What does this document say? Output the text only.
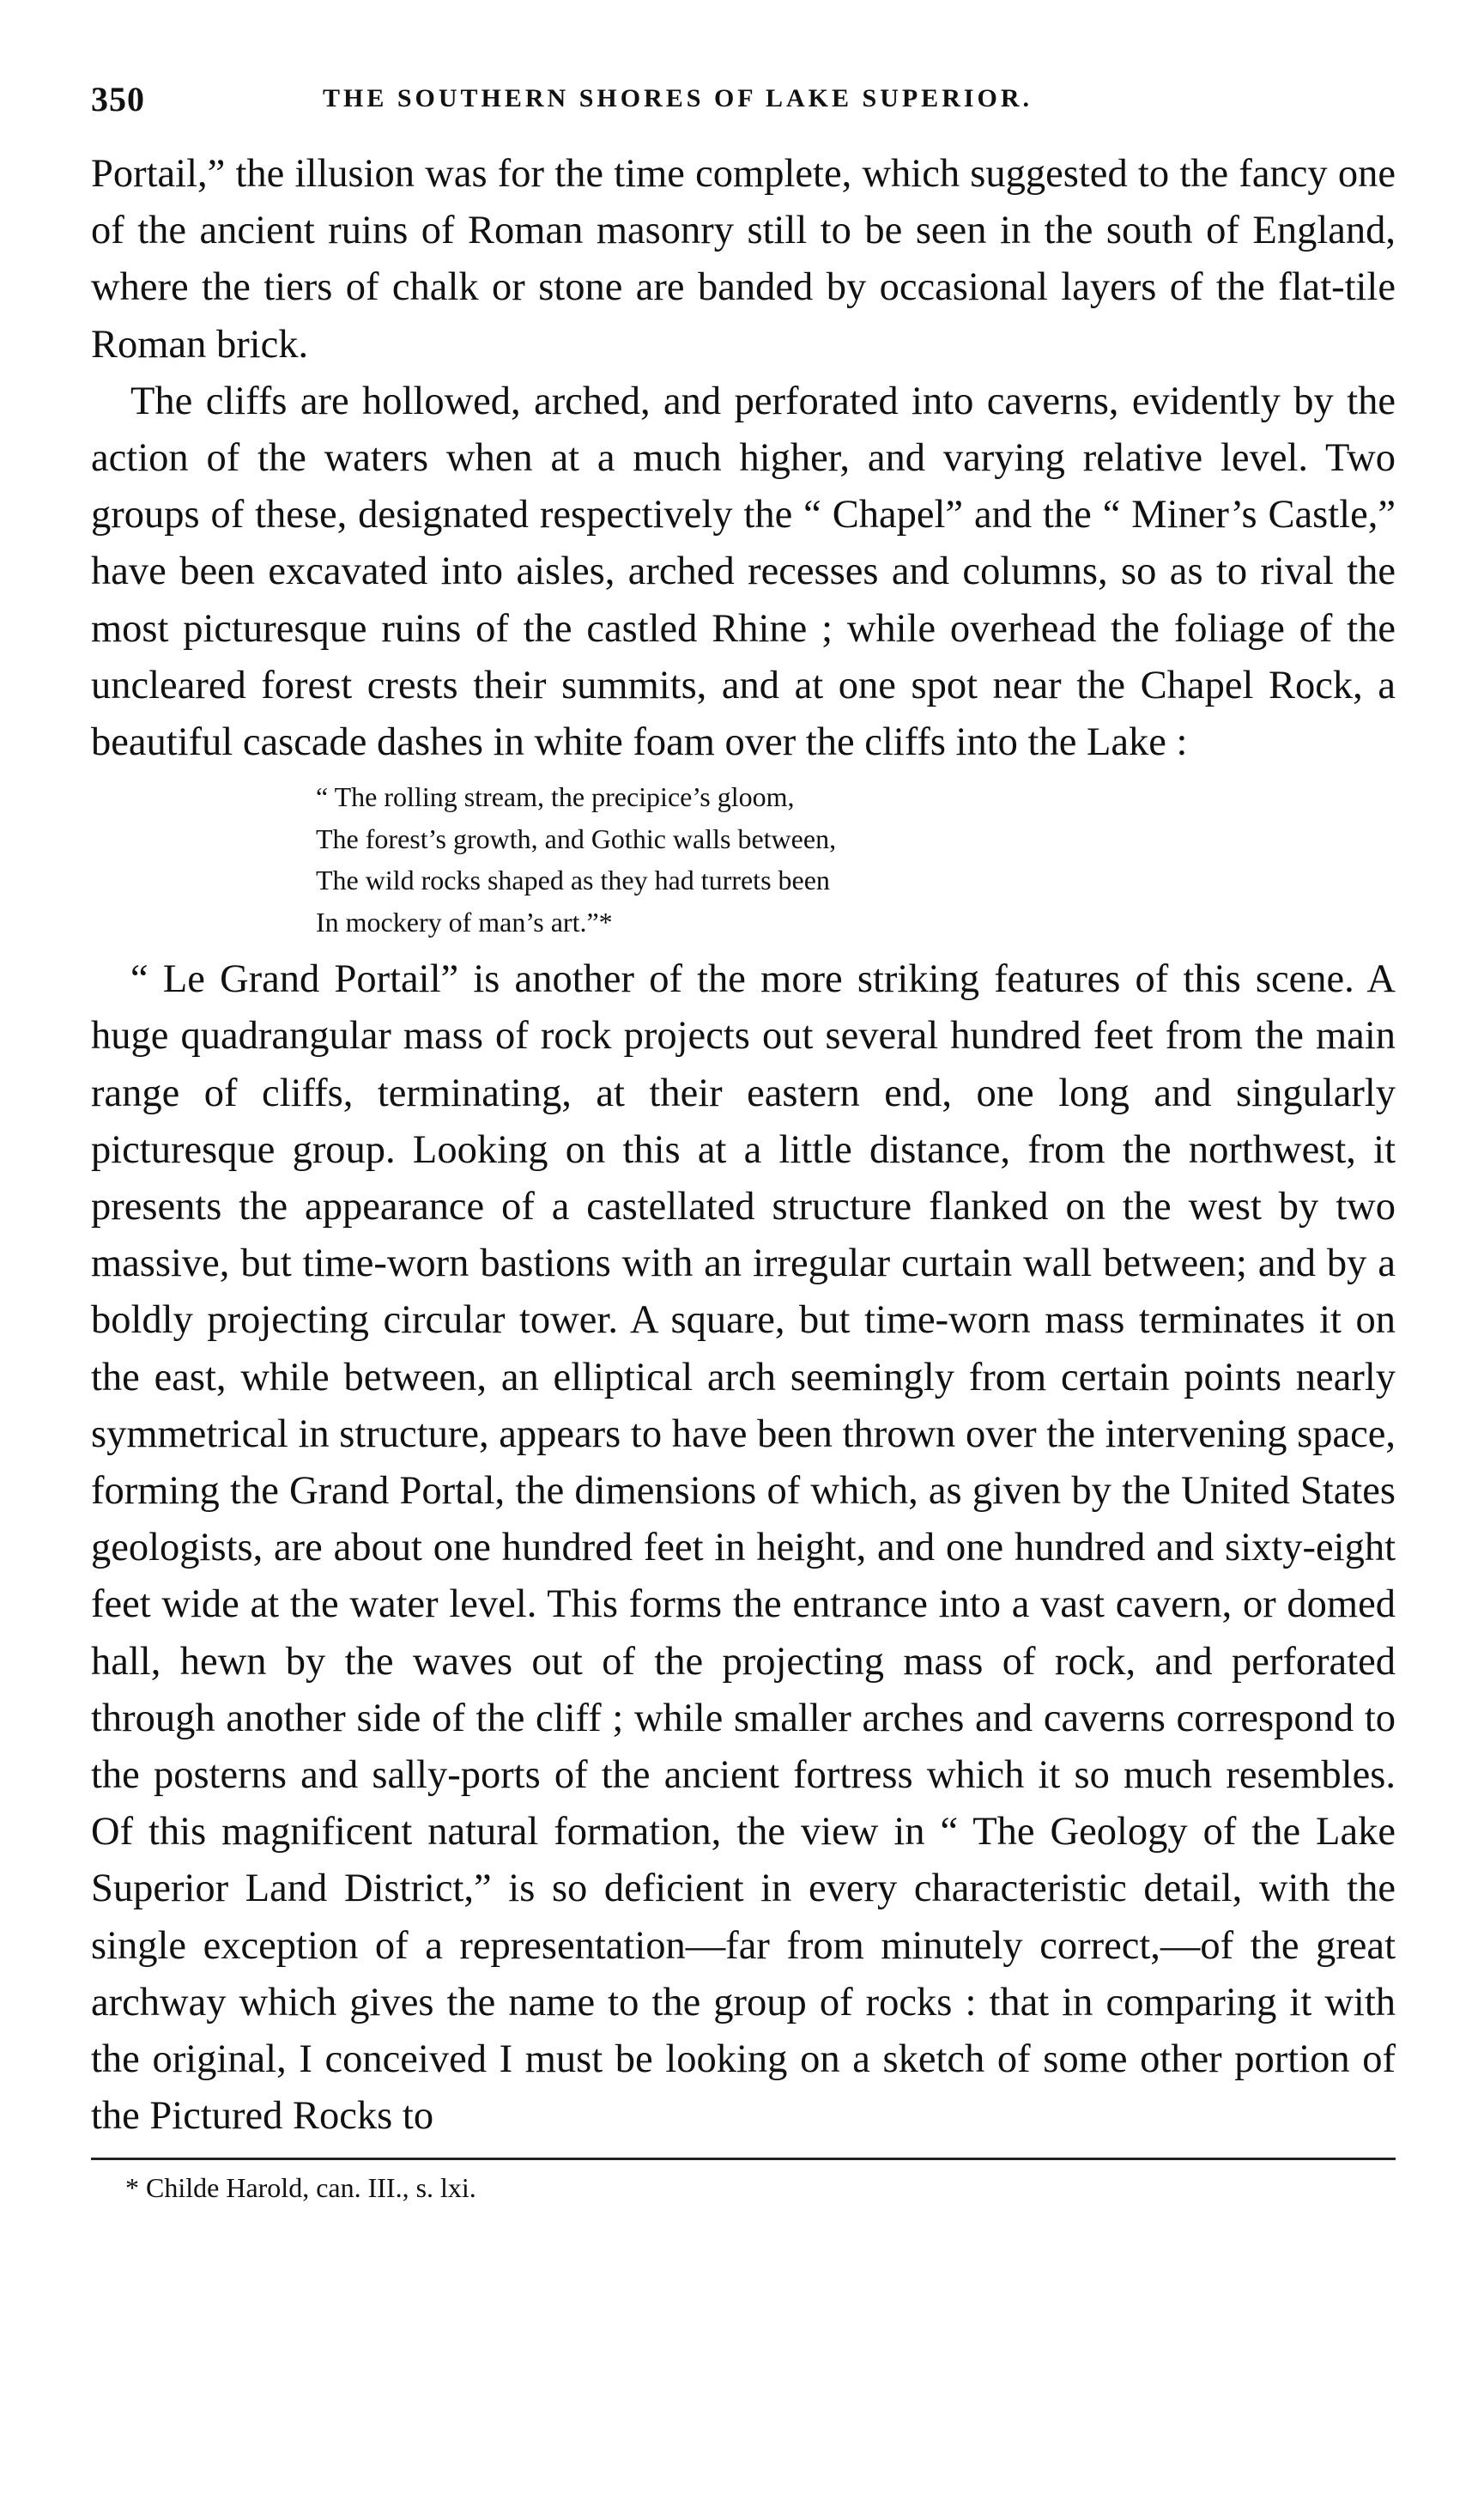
350	THE SOUTHERN SHORES OF LAKE SUPERIOR.

Portail,” the illusion was for the time complete, which suggested to the fancy one of the ancient ruins of Roman masonry still to be seen in the south of England, where the tiers of chalk or stone are banded by occasional layers of the flat-tile Roman brick.

The cliffs are hollowed, arched, and perforated into caverns, evidently by the action of the waters when at a much higher, and varying relative level. Two groups of these, designated respectively the “ Chapel” and the “ Miner’s Castle,” have been excavated into aisles, arched recesses and columns, so as to rival the most picturesque ruins of the castled Rhine ; while overhead the foliage of the uncleared forest crests their summits, and at one spot near the Chapel Rock, a beautiful cascade dashes in white foam over the cliffs into the Lake :

“ The rolling stream, the precipice’s gloom,
The forest’s growth, and Gothic walls between,
The wild rocks shaped as they had turrets been
In mockery of man’s art.”*

“ Le Grand Portail” is another of the more striking features of this scene. A huge quadrangular mass of rock projects out several hundred feet from the main range of cliffs, terminating, at their eastern end, one long and singularly picturesque group. Looking on this at a little distance, from the northwest, it presents the appearance of a castellated structure flanked on the west by two massive, but time-worn bastions with an irregular curtain wall between; and by a boldly projecting circular tower. A square, but time-worn mass terminates it on the east, while between, an elliptical arch seemingly from certain points nearly symmetrical in structure, appears to have been thrown over the intervening space, forming the Grand Portal, the dimensions of which, as given by the United States geologists, are about one hundred feet in height, and one hundred and sixty-eight feet wide at the water level. This forms the entrance into a vast cavern, or domed hall, hewn by the waves out of the projecting mass of rock, and perforated through another side of the cliff ; while smaller arches and caverns correspond to the posterns and sally-ports of the ancient fortress which it so much resembles. Of this magnificent natural formation, the view in “ The Geology of the Lake Superior Land District,” is so deficient in every characteristic detail, with the single exception of a representation—far from minutely correct,—of the great archway which gives the name to the group of rocks : that in comparing it with the original, I conceived I must be looking on a sketch of some other portion of the Pictured Rocks to

* Childe Harold, can. III., s. lxi.
